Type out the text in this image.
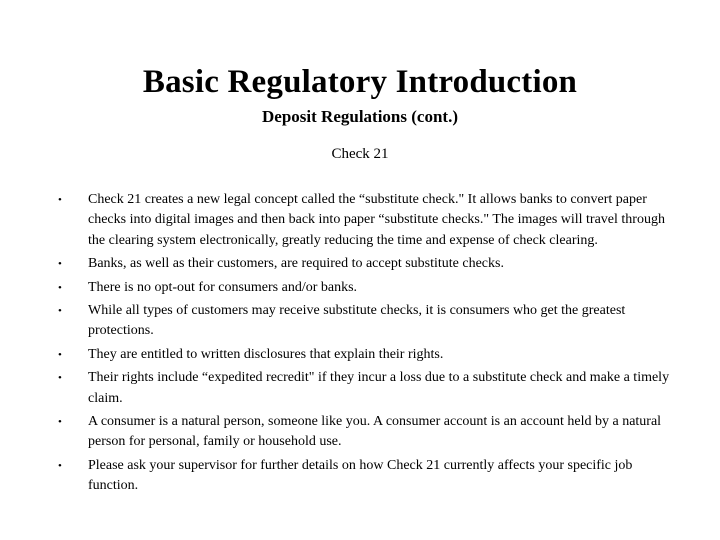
Basic Regulatory Introduction
Deposit Regulations (cont.)
Check 21
• Check 21 creates a new legal concept called the “substitute check." It allows banks to convert paper checks into digital images and then back into paper “substitute checks." The images will travel through the clearing system electronically, greatly reducing the time and expense of check clearing.
• Banks, as well as their customers, are required to accept substitute checks.
• There is no opt-out for consumers and/or banks.
• While all types of customers may receive substitute checks, it is consumers who get the greatest protections.
• They are entitled to written disclosures that explain their rights.
• Their rights include “expedited recredit" if they incur a loss due to a substitute check and make a timely claim.
• A consumer is a natural person, someone like you. A consumer account is an account held by a natural person for personal, family or household use.
• Please ask your supervisor for further details on how Check 21 currently affects your specific job function.
